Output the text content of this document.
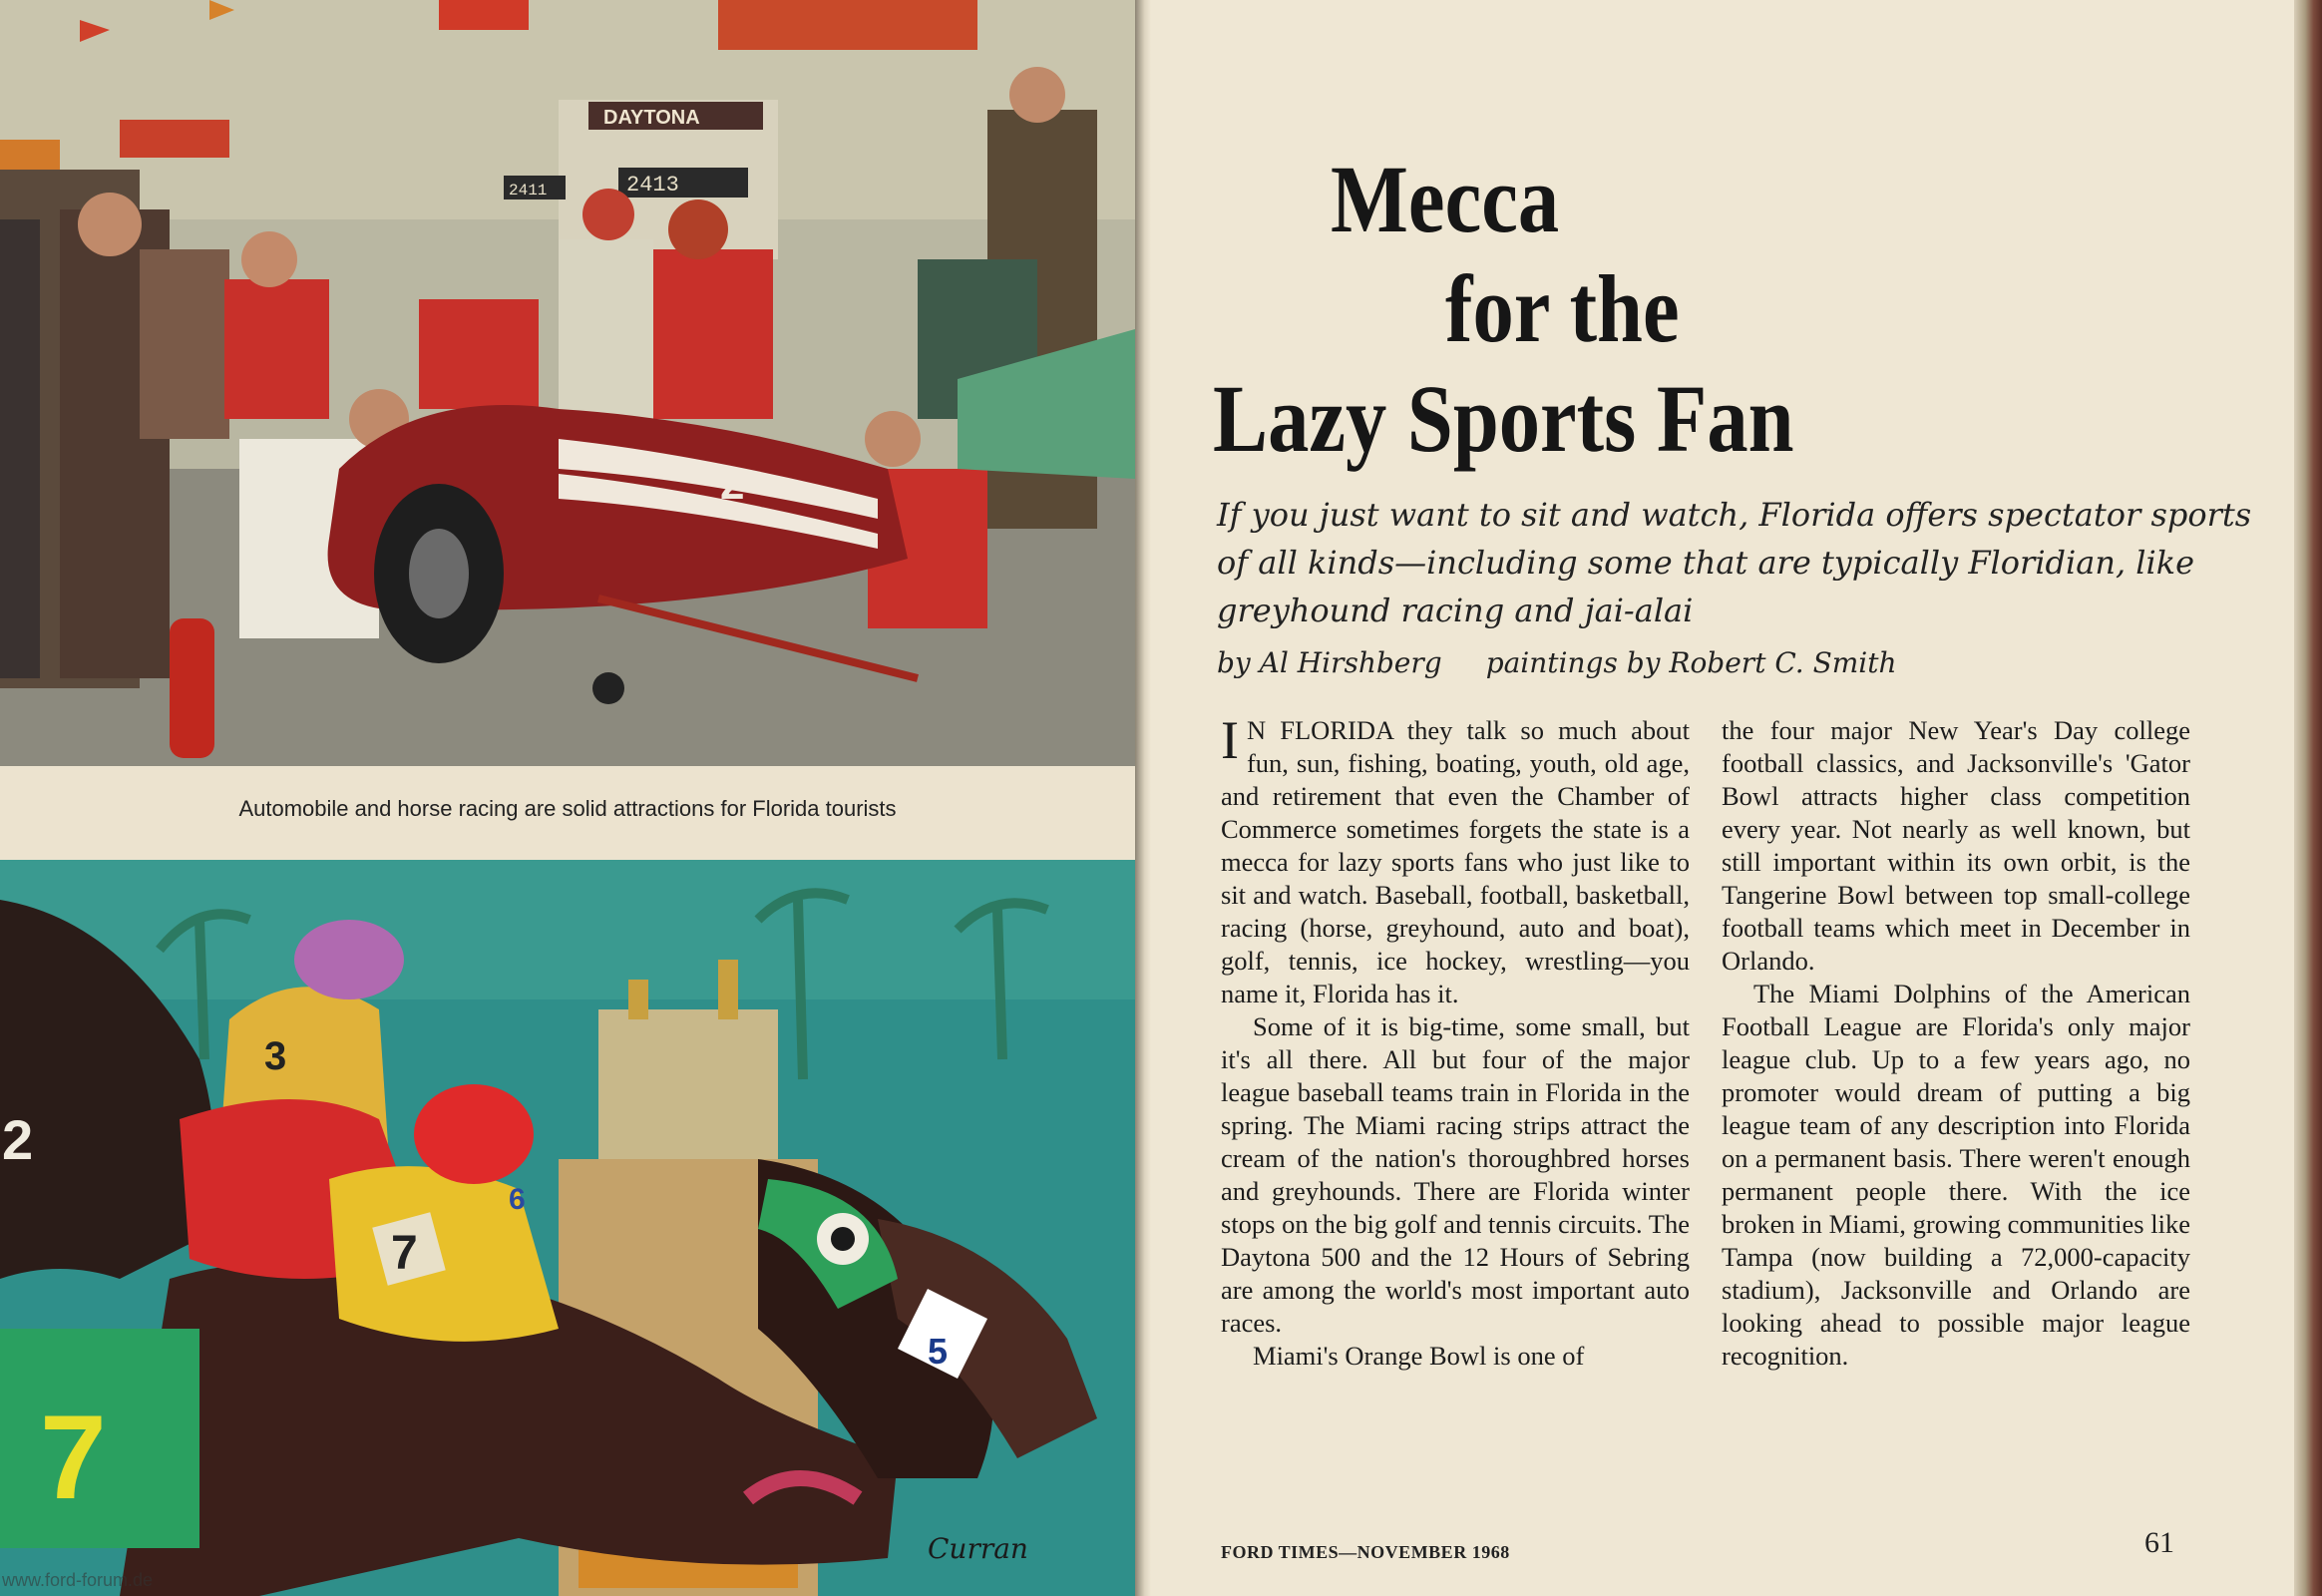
DAYTONA
2413
2411
2
Automobile and horse racing are solid attractions for Florida tourists
2
3
7
6
5
7
Curran
www.ford-forum.de
Mecca
for the
Lazy Sports Fan

If you just want to sit and watch, Florida offers spectator sports of all kinds—including some that are typically Floridian, like greyhound racing and jai-alai

by Al Hirshberg paintings by Robert C. Smith

I N FLORIDA they talk so much about fun, sun, fishing, boating, youth, old age, and retirement that even the Chamber of Commerce sometimes forgets the state is a mecca for lazy sports fans who just like to sit and watch. Baseball, football, basketball, racing (horse, greyhound, auto and boat), golf, tennis, ice hockey, wrestling—you name it, Florida has it.

Some of it is big-time, some small, but it's all there. All but four of the major league baseball teams train in Florida in the spring. The Miami racing strips attract the cream of the nation's thoroughbred horses and greyhounds. There are Florida winter stops on the big golf and tennis circuits. The Daytona 500 and the 12 Hours of Sebring are among the world's most important auto races.

Miami's Orange Bowl is one of

the four major New Year's Day college football classics, and Jacksonville's 'Gator Bowl attracts higher class competition every year. Not nearly as well known, but still important within its own orbit, is the Tangerine Bowl between top small-college football teams which meet in December in Orlando.

The Miami Dolphins of the American Football League are Florida's only major league club. Up to a few years ago, no promoter would dream of putting a big league team of any description into Florida on a permanent basis. There weren't enough permanent people there. With the ice broken in Miami, growing communities like Tampa (now building a 72,000-capacity stadium), Jacksonville and Orlando are looking ahead to possible major league recognition.

FORD TIMES—NOVEMBER 1968	61
